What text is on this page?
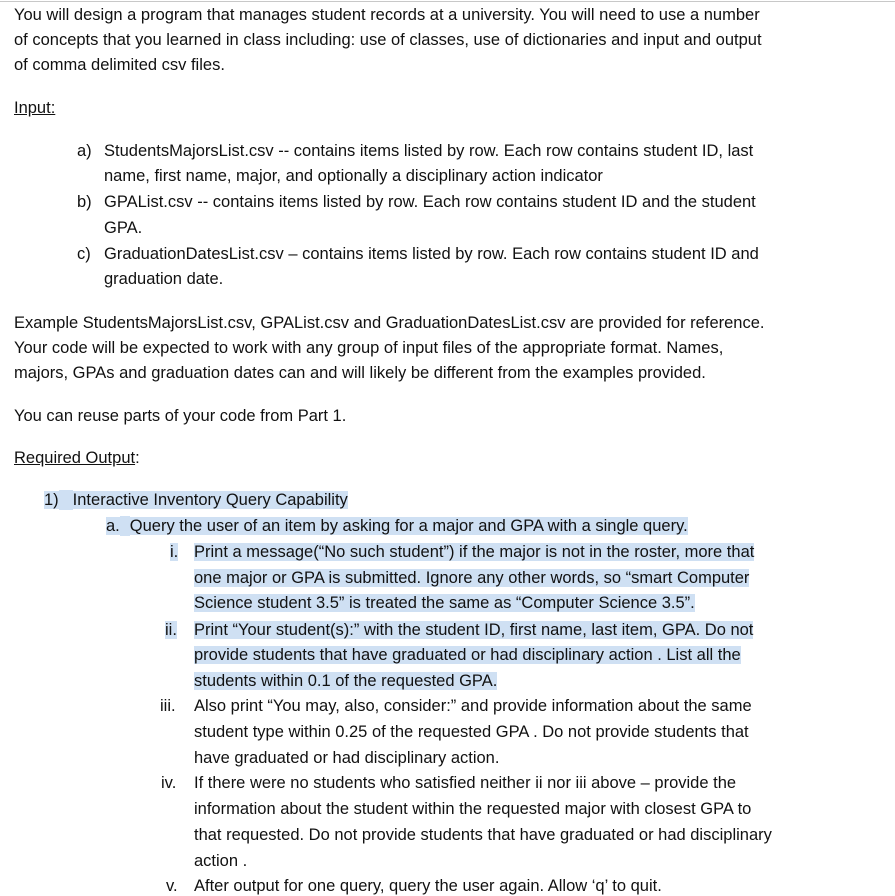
You will design a program that manages student records at a university. You will need to use a number
of concepts that you learned in class including: use of classes, use of dictionaries and input and output
of comma delimited csv files.
Input:
a) StudentsMajorsList.csv -- contains items listed by row. Each row contains student ID, last
name, first name, major, and optionally a disciplinary action indicator
b) GPAList.csv -- contains items listed by row. Each row contains student ID and the student
GPA.
c) GraduationDatesList.csv – contains items listed by row. Each row contains student ID and
graduation date.
Example StudentsMajorsList.csv, GPAList.csv and GraduationDatesList.csv are provided for reference.
Your code will be expected to work with any group of input files of the appropriate format. Names,
majors, GPAs and graduation dates can and will likely be different from the examples provided.
You can reuse parts of your code from Part 1.
Required Output:
1) Interactive Inventory Query Capability
a. Query the user of an item by asking for a major and GPA with a single query.
i. Print a message(“No such student”) if the major is not in the roster, more that
one major or GPA is submitted. Ignore any other words, so “smart Computer
Science student 3.5” is treated the same as “Computer Science 3.5”.
ii. Print “Your student(s):” with the student ID, first name, last item, GPA. Do not
provide students that have graduated or had disciplinary action . List all the
students within 0.1 of the requested GPA.
iii. Also print “You may, also, consider:” and provide information about the same
student type within 0.25 of the requested GPA . Do not provide students that
have graduated or had disciplinary action.
iv. If there were no students who satisfied neither ii nor iii above – provide the
information about the student within the requested major with closest GPA to
that requested. Do not provide students that have graduated or had disciplinary
action .
v. After output for one query, query the user again. Allow ‘q’ to quit.
